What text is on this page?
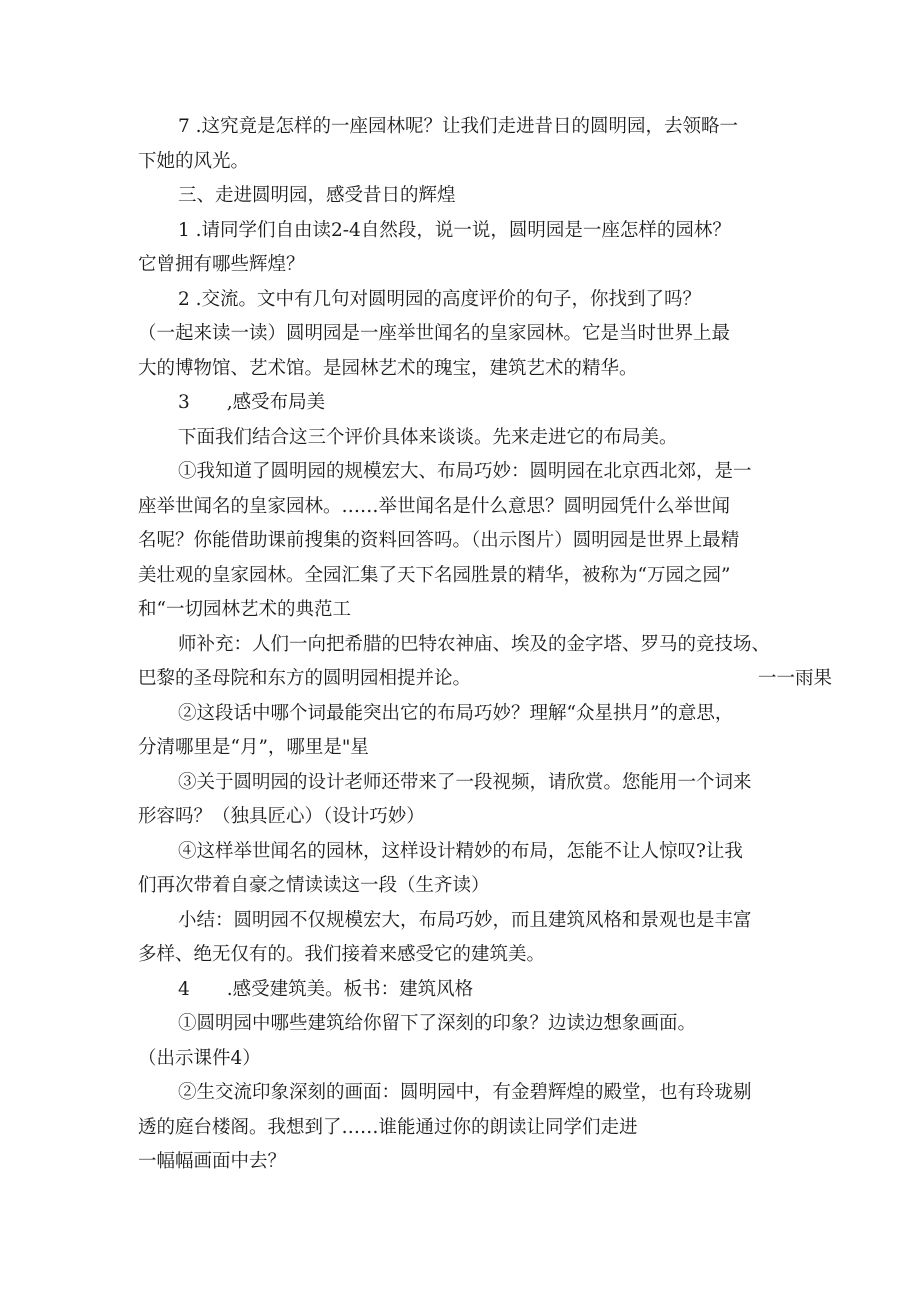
7 .这究竟是怎样的一座园林呢？让我们走进昔日的圆明园，去领略一
下她的风光。
三、走进圆明园，感受昔日的辉煌
1 .请同学们自由读2-4自然段，说一说，圆明园是一座怎样的园林？
它曾拥有哪些辉煌？
2 .交流。文中有几句对圆明园的高度评价的句子，你找到了吗？
（一起来读一读）圆明园是一座举世闻名的皇家园林。它是当时世界上最
大的博物馆、艺术馆。是园林艺术的瑰宝，建筑艺术的精华。
3　　,感受布局美
下面我们结合这三个评价具体来谈谈。先来走进它的布局美。
①我知道了圆明园的规模宏大、布局巧妙：圆明园在北京西北郊，是一
座举世闻名的皇家园林。……举世闻名是什么意思？圆明园凭什么举世闻
名呢？你能借助课前搜集的资料回答吗。（出示图片）圆明园是世界上最精
美壮观的皇家园林。全园汇集了天下名园胜景的精华，被称为“万园之园”
和“一切园林艺术的典范工
师补充：人们一向把希腊的巴特农神庙、埃及的金字塔、罗马的竞技场、
巴黎的圣母院和东方的圆明园相提并论。	一一雨果
②这段话中哪个词最能突出它的布局巧妙？理解“众星拱月”的意思，
分清哪里是“月”，哪里是"星
③关于圆明园的设计老师还带来了一段视频，请欣赏。您能用一个词来
形容吗？（独具匠心）（设计巧妙）
④这样举世闻名的园林，这样设计精妙的布局，怎能不让人惊叹?让我
们再次带着自豪之情读读这一段（生齐读）
小结：圆明园不仅规模宏大，布局巧妙，而且建筑风格和景观也是丰富
多样、绝无仅有的。我们接着来感受它的建筑美。
4　　.感受建筑美。板书：建筑风格
①圆明园中哪些建筑给你留下了深刻的印象？边读边想象画面。
（出示课件4）
②生交流印象深刻的画面：圆明园中，有金碧辉煌的殿堂，也有玲珑剔
透的庭台楼阁。我想到了……谁能通过你的朗读让同学们走进
一幅幅画面中去？
